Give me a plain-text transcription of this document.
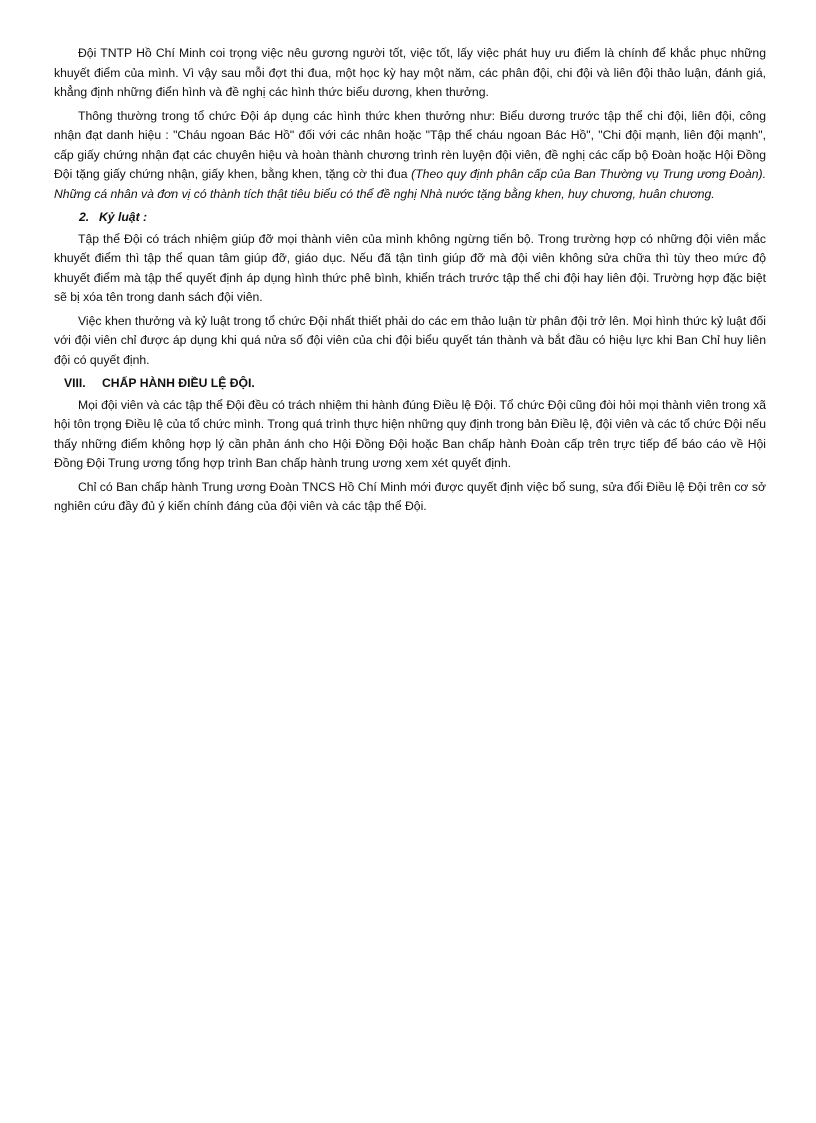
Đội TNTP Hồ Chí Minh coi trọng việc nêu gương người tốt, việc tốt, lấy việc phát huy ưu điểm là chính để khắc phục những khuyết điểm của mình. Vì vậy sau mỗi đợt thi đua, một học kỳ hay một năm, các phân đội, chi đội và liên đội thảo luận, đánh giá, khẳng định những điển hình và đề nghị các hình thức biểu dương, khen thưởng.

Thông thường trong tổ chức Đội áp dụng các hình thức khen thưởng như: Biểu dương trước tập thể chi đội, liên đội, công nhận đạt danh hiệu : "Cháu ngoan Bác Hồ" đối với các nhân hoặc "Tập thể cháu ngoan Bác Hồ", "Chi đội mạnh, liên đội mạnh", cấp giấy chứng nhận đạt các chuyên hiệu và hoàn thành chương trình rèn luyện đội viên, đề nghị các cấp bộ Đoàn hoặc Hội Đồng Đội tặng giấy chứng nhận, giấy khen, bằng khen, tặng cờ thi đua (Theo quy định phân cấp của Ban Thường vụ Trung ương Đoàn). Những cá nhân và đơn vị có thành tích thật tiêu biểu có thể đề nghị Nhà nước tặng bằng khen, huy chương, huân chương.

2. Kỷ luật :

Tập thể Đội có trách nhiệm giúp đỡ mọi thành viên của mình không ngừng tiến bộ. Trong trường hợp có những đội viên mắc khuyết điểm thì tập thể quan tâm giúp đỡ, giáo dục. Nếu đã tận tình giúp đỡ mà đội viên không sửa chữa thì tùy theo mức độ khuyết điểm mà tập thể quyết định áp dụng hình thức phê bình, khiển trách trước tập thể chi đội hay liên đội. Trường hợp đặc biệt sẽ bị xóa tên trong danh sách đội viên.

Việc khen thưởng và kỷ luật trong tổ chức Đội nhất thiết phải do các em thảo luận từ phân đội trở lên. Mọi hình thức kỷ luật đối với đội viên chỉ được áp dụng khi quá nửa số đội viên của chi đội biểu quyết tán thành và bắt đầu có hiệu lực khi Ban Chỉ huy liên đội có quyết định.

VIII. CHẤP HÀNH ĐIỀU LỆ ĐỘI.

Mọi đội viên và các tập thể Đội đều có trách nhiệm thi hành đúng Điều lệ Đội. Tổ chức Đội cũng đòi hỏi mọi thành viên trong xã hội tôn trọng Điều lệ của tổ chức mình. Trong quá trình thực hiện những quy định trong bản Điều lệ, đội viên và các tổ chức Đội nếu thấy những điểm không hợp lý cần phản ánh cho Hội Đồng Đội hoặc Ban chấp hành Đoàn cấp trên trực tiếp để báo cáo về Hội Đồng Đội Trung ương tổng hợp trình Ban chấp hành trung ương xem xét quyết định.

Chỉ có Ban chấp hành Trung ương Đoàn TNCS Hồ Chí Minh mới được quyết định việc bổ sung, sửa đổi Điều lệ Đội trên cơ sở nghiên cứu đầy đủ ý kiến chính đáng của đội viên và các tập thể Đội.
